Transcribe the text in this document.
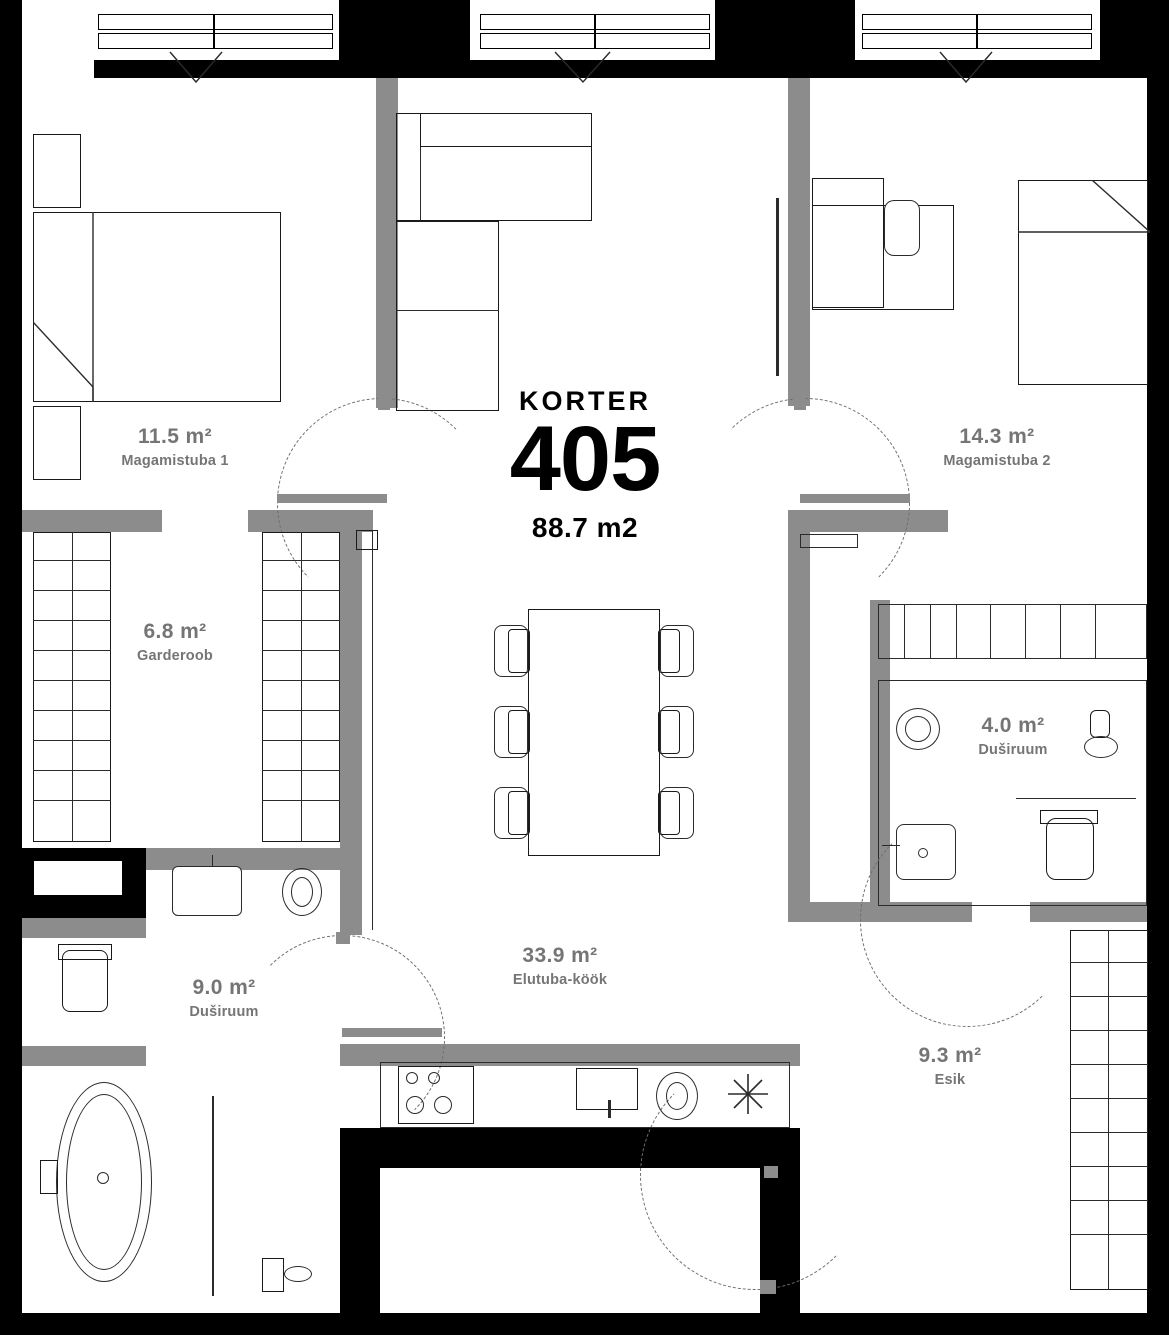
KORTER
405
88.7 m2
11.5 m²
Magamistuba 1
14.3 m²
Magamistuba 2
6.8 m²
Garderoob
4.0 m²
Duširuum
9.0 m²
Duširuum
33.9 m²
Elutuba-köök
9.3 m²
Esik
